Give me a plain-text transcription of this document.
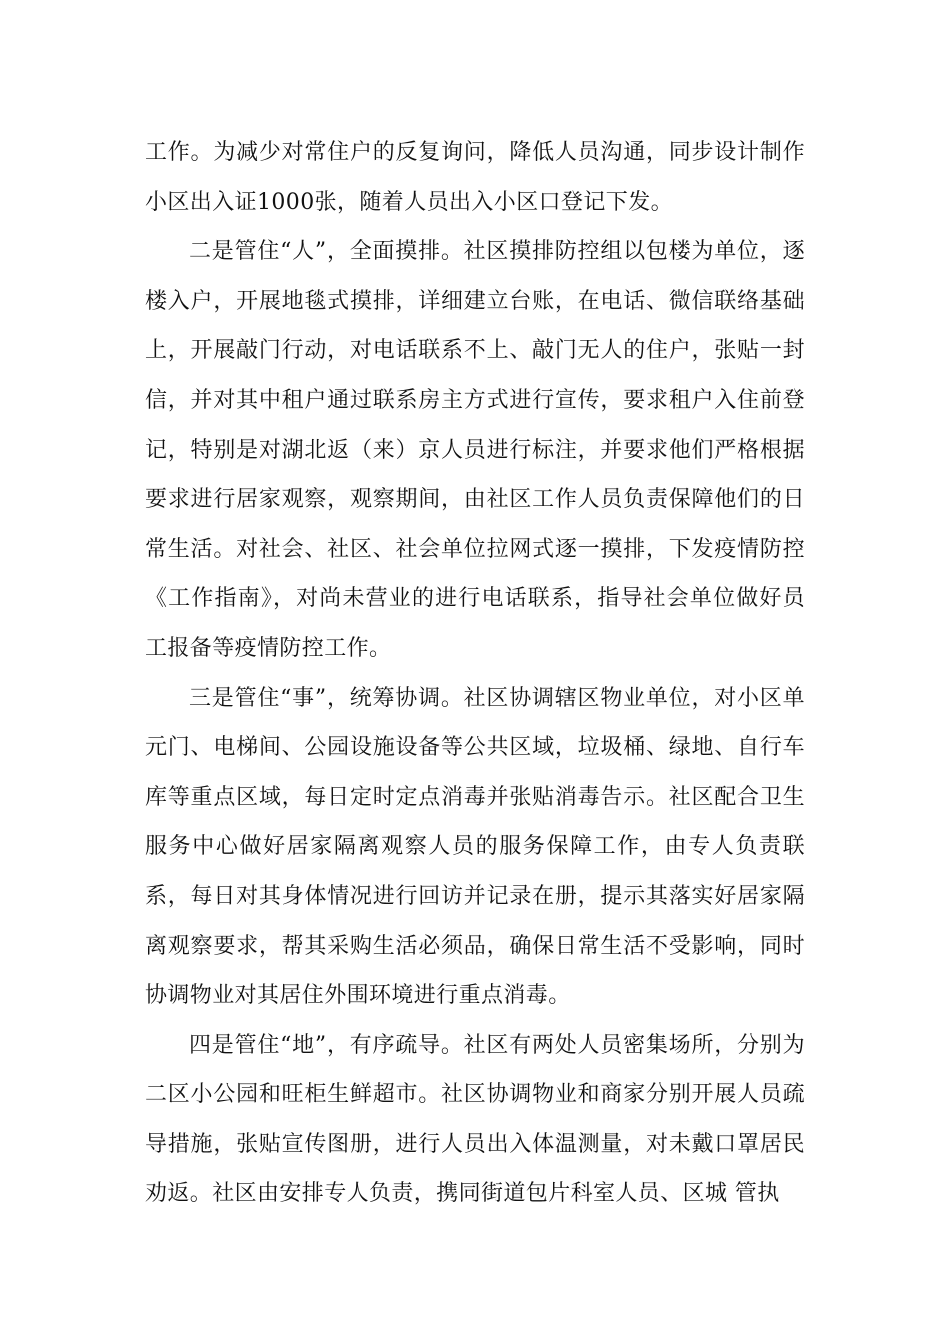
工作。为减少对常住户的反复询问，降低人员沟通，同步设计制作小区出入证1000张，随着人员出入小区口登记下发。

二是管住“人”，全面摸排。社区摸排防控组以包楼为单位，逐楼入户，开展地毯式摸排，详细建立台账，在电话、微信联络基础上，开展敲门行动，对电话联系不上、敲门无人的住户，张贴一封信，并对其中租户通过联系房主方式进行宣传，要求租户入住前登记，特别是对湖北返（来）京人员进行标注，并要求他们严格根据要求进行居家观察，观察期间，由社区工作人员负责保障他们的日常生活。对社会、社区、社会单位拉网式逐一摸排，下发疫情防控《工作指南》，对尚未营业的进行电话联系，指导社会单位做好员工报备等疫情防控工作。

三是管住“事”，统筹协调。社区协调辖区物业单位，对小区单元门、电梯间、公园设施设备等公共区域，垃圾桶、绿地、自行车库等重点区域，每日定时定点消毒并张贴消毒告示。社区配合卫生服务中心做好居家隔离观察人员的服务保障工作，由专人负责联系，每日对其身体情况进行回访并记录在册，提示其落实好居家隔离观察要求，帮其采购生活必须品，确保日常生活不受影响，同时协调物业对其居住外围环境进行重点消毒。

四是管住“地”，有序疏导。社区有两处人员密集场所，分别为二区小公园和旺柜生鲜超市。社区协调物业和商家分别开展人员疏导措施，张贴宣传图册，进行人员出入体温测量，对未戴口罩居民劝返。社区由安排专人负责，携同街道包片科室人员、区城 管执
